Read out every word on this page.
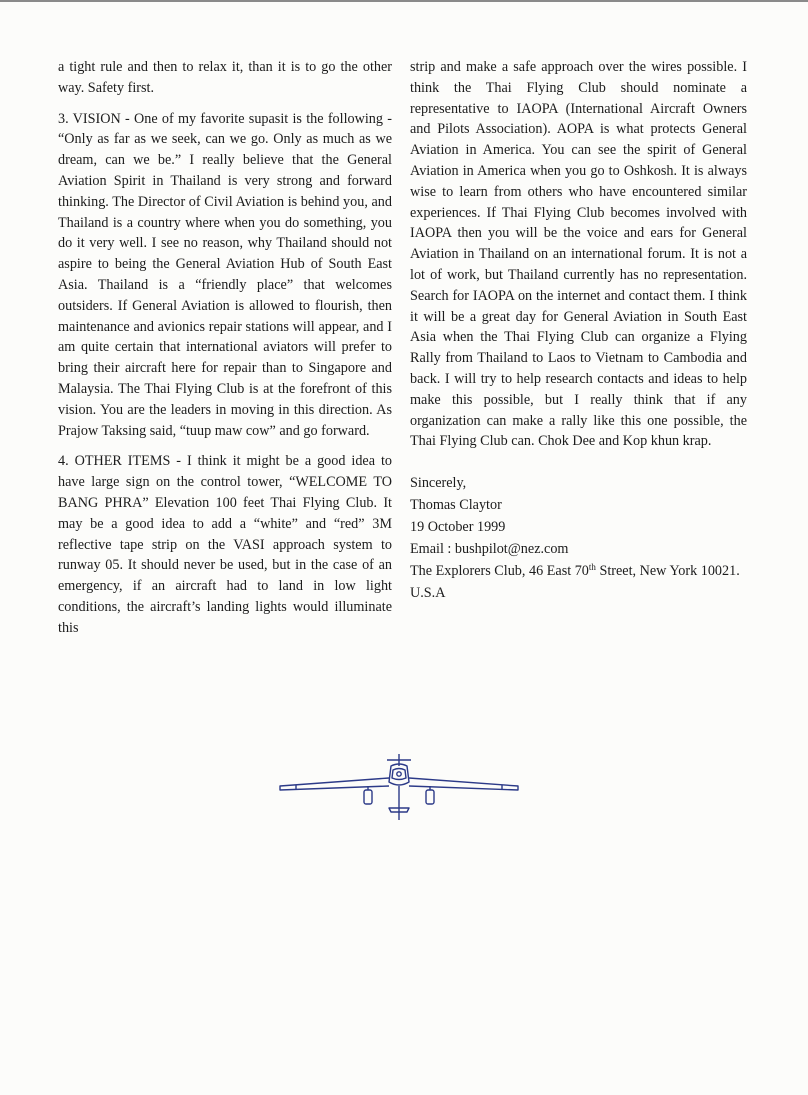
a tight rule and then to relax it, than it is to go the other way. Safety first.

3. VISION - One of my favorite supasit is the following - “Only as far as we seek, can we go. Only as much as we dream, can we be.” I really believe that the General Aviation Spirit in Thailand is very strong and forward thinking. The Director of Civil Aviation is behind you, and Thailand is a country where when you do something, you do it very well. I see no reason, why Thailand should not aspire to being the General Aviation Hub of South East Asia. Thailand is a “friendly place” that welcomes outsiders. If General Aviation is allowed to flourish, then maintenance and avionics repair stations will appear, and I am quite certain that international aviators will prefer to bring their aircraft here for repair than to Singapore and Malaysia. The Thai Flying Club is at the forefront of this vision. You are the leaders in moving in this direction. As Prajow Taksing said, “tuup maw cow” and go forward.

4. OTHER ITEMS - I think it might be a good idea to have large sign on the control tower, “WELCOME TO BANG PHRA” Elevation 100 feet Thai Flying Club. It may be a good idea to add a “white” and “red” 3M reflective tape strip on the VASI approach system to runway 05. It should never be used, but in the case of an emergency, if an aircraft had to land in low light conditions, the aircraft’s landing lights would illuminate this

strip and make a safe approach over the wires possible. I think the Thai Flying Club should nominate a representative to IAOPA (International Aircraft Owners and Pilots Association). AOPA is what protects General Aviation in America. You can see the spirit of General Aviation in America when you go to Oshkosh. It is always wise to learn from others who have encountered similar experiences. If Thai Flying Club becomes involved with IAOPA then you will be the voice and ears for General Aviation in Thailand on an international forum. It is not a lot of work, but Thailand currently has no representation. Search for IAOPA on the internet and contact them. I think it will be a great day for General Aviation in South East Asia when the Thai Flying Club can organize a Flying Rally from Thailand to Laos to Vietnam to Cambodia and back. I will try to help research contacts and ideas to help make this possible, but I really think that if any organization can make a rally like this one possible, the Thai Flying Club can. Chok Dee and Kop khun krap.

Sincerely,
Thomas Claytor
19 October 1999
Email : bushpilot@nez.com
The Explorers Club, 46 East 70th Street, New York 10021. U.S.A
